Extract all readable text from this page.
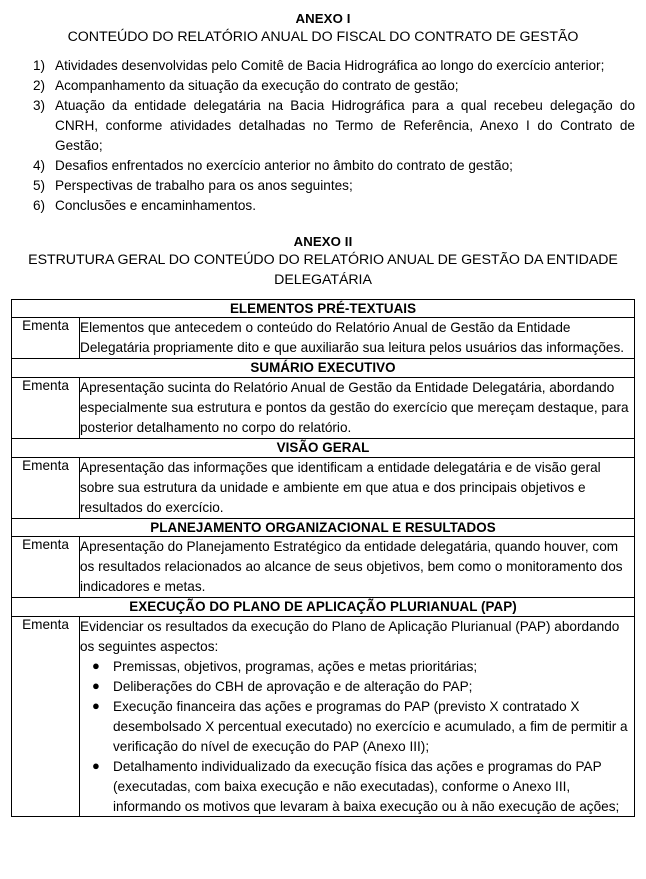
ANEXO I
CONTEÚDO DO RELATÓRIO ANUAL DO FISCAL DO CONTRATO DE GESTÃO
1) Atividades desenvolvidas pelo Comitê de Bacia Hidrográfica ao longo do exercício anterior;
2) Acompanhamento da situação da execução do contrato de gestão;
3) Atuação da entidade delegatária na Bacia Hidrográfica para a qual recebeu delegação do CNRH, conforme atividades detalhadas no Termo de Referência, Anexo I do Contrato de Gestão;
4) Desafios enfrentados no exercício anterior no âmbito do contrato de gestão;
5) Perspectivas de trabalho para os anos seguintes;
6) Conclusões e encaminhamentos.
ANEXO II
ESTRUTURA GERAL DO CONTEÚDO DO RELATÓRIO ANUAL DE GESTÃO DA ENTIDADE DELEGATÁRIA
ELEMENTOS PRÉ-TEXTUAIS	
Ementa	Elementos que antecedem o conteúdo do Relatório Anual de Gestão da Entidade Delegatária propriamente dito e que auxiliarão sua leitura pelos usuários das informações.

SUMÁRIO EXECUTIVO	
Ementa	Apresentação sucinta do Relatório Anual de Gestão da Entidade Delegatária, abordando especialmente sua estrutura e pontos da gestão do exercício que mereçam destaque, para posterior detalhamento no corpo do relatório.

VISÃO GERAL	
Ementa	Apresentação das informações que identificam a entidade delegatária e de visão geral sobre sua estrutura da unidade e ambiente em que atua e dos principais objetivos e resultados do exercício.

PLANEJAMENTO ORGANIZACIONAL E RESULTADOS	
Ementa	Apresentação do Planejamento Estratégico da entidade delegatária, quando houver, com os resultados relacionados ao alcance de seus objetivos, bem como o monitoramento dos indicadores e metas.

EXECUÇÃO DO PLANO DE APLICAÇÃO PLURIANUAL (PAP)	
Ementa	Evidenciar os resultados da execução do Plano de Aplicação Plurianual (PAP) abordando os seguintes aspectos:

● Premissas, objetivos, programas, ações e metas prioritárias;
● Deliberações do CBH de aprovação e de alteração do PAP;
● Execução financeira das ações e programas do PAP (previsto X contratado X desembolsado X percentual executado) no exercício e acumulado, a fim de permitir a verificação do nível de execução do PAP (Anexo III);
● Detalhamento individualizado da execução física das ações e programas do PAP (executadas, com baixa execução e não executadas), conforme o Anexo III, informando os motivos que levaram à baixa execução ou à não execução de ações;
